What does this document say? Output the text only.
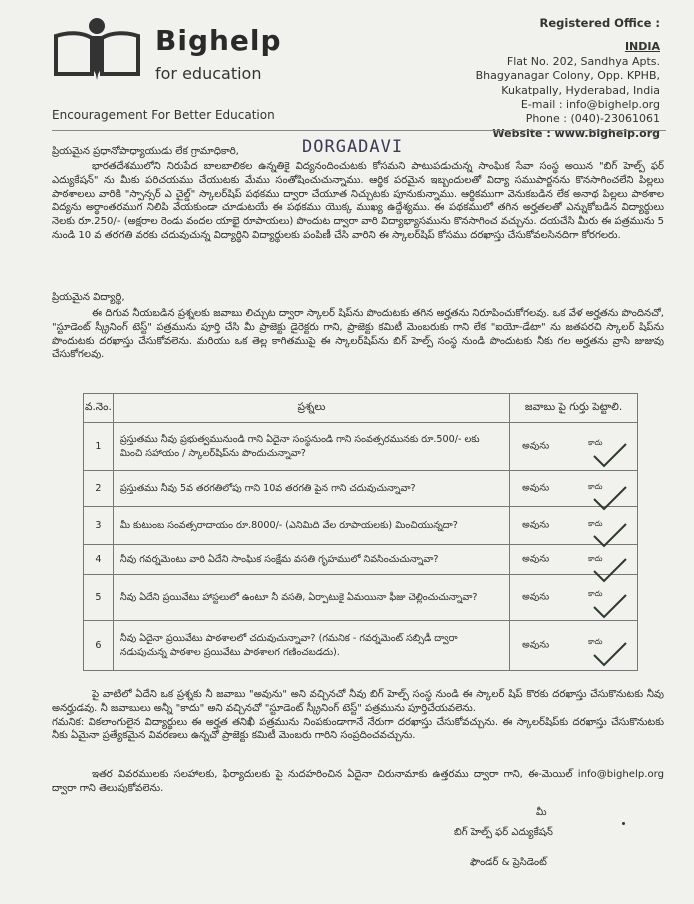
Bighelp
for education
Encouragement For Better Education
Registered Office :
INDIA
Flat No. 202, Sandhya Apts.
Bhagyanagar Colony, Opp. KPHB,
Kukatpally, Hyderabad, India
E-mail : info@bighelp.org
Phone : (040)-23061061
Website : www.bighelp.org
ప్రియమైన ప్రధానోపాధ్యాయుడు లేక గ్రామాధికారి,	DORGADAVI
భారతదేశములోని నిరుపేద బాలబాలికల ఉన్నతికై విద్యనందించుటకు కోసమని పాటుపడుచున్న సాంఘిక సేవా సంస్థ అయిన "బిగ్ హెల్ప్ ఫర్ ఎద్యుకేషన్" ను మీకు పరిచయము చేయుటకు మేము సంతోషించుచున్నాము. ఆర్థిక పరమైన ఇబ్బందులతో విద్యా సముపార్జనను కొనసాగించలేని పిల్లలు పాఠశాలలు వారికి "స్పాన్సర్ ఎ చైల్డ్" స్కాలర్‌షిప్ పథకము ద్వారా చేయూత నిచ్చుటకు పూనుకున్నాము. ఆర్థికముగా వెనుకబడిన లేక అనాథ పిల్లలు పాఠశాల విద్యను అర్థాంతరముగ నిలిపి వేయకుండా చూడుటయే ఈ పథకము యొక్క ముఖ్య ఉద్దేశ్యము. ఈ పథకములో తగిన అర్హతలతో ఎన్నుకోబడిన విద్యార్థులు నెలకు రూ.250/- (అక్షరాల రెండు వందల యాభై రూపాయలు) పొందుట ద్వారా వారి విద్యాభ్యాసమును కొనసాగించ వచ్చును. దయచేసి మీరు ఈ పత్రమును 5 నుండి 10 వ తరగతి వరకు చదువుచున్న విద్యార్థిని విద్యార్థులకు పంపిణీ చేసి వారిని ఈ స్కాలర్‌షిప్ కోసము దరఖాస్తు చేసుకోవలసినదిగా కోరగలరు.
ప్రియమైన విద్యార్థి,
ఈ దిగువ నీయబడిన ప్రశ్నలకు జవాబు లిచ్చుట ద్వారా స్కాలర్ షిప్‌ను పొందుటకు తగిన అర్హతను నిరూపించుకోగలవు. ఒక వేళ అర్హతను పొందినచో, "స్టూడెంట్ స్క్రీనింగ్ టెస్ట్" పత్రమును పూర్తి చేసి మీ ప్రాజెక్టు డైరెక్టరు గాని, ప్రాజెక్టు కమిటీ మెంబరుకు గాని లేక "ఐయో-డేటా" ను జతపరచి స్కాలర్ షిప్‌ను పొందుటకు దరఖాస్తు చేసుకోవలెను. మరియు ఒక తెల్ల కాగితముపై ఈ స్కాలర్‌షిప్‌ను బిగ్ హెల్ప్ సంస్థ నుండి పొందుటకు నీకు గల అర్హతను వ్రాసి జుజువు చేసుకోగలవు.
వ.నెం.	ప్రశ్నలు	జవాబు పై గుర్తు పెట్టాలి.
1	ప్రస్తుతము నీవు ప్రభుత్వమునుండి గాని ఏదైనా సంస్థనుండి గాని సంవత్సరమునకు రూ.500/- లకు మించి సహాయం / స్కాలర్‌షిప్‌ను పొందుచున్నావా?	అవును కాదు

2	ప్రస్తుతము నీవు 5వ తరగతిలోపు గాని 10వ తరగతి పైన గాని చదువుచున్నావా?	అవును కాదు

3	మీ కుటుంబ సంవత్సరాదాయం రూ.8000/- (ఎనిమిది వేల రూపాయలకు) మించియున్నదా?	అవును కాదు

4	నీవు గవర్నమెంటు వారి ఏదేని సాంఘిక సంక్షేమ వసతి గృహములో నివసించుచున్నావా?	అవును కాదు

5	నీవు ఏదేని ప్రయివేటు హాస్టలులో ఉంటూ నీ వసతి, ఏర్పాటుకై ఏమయినా ఫీజు చెల్లించుచున్నావా?	అవును కాదు

6	నీవు ఏదైనా ప్రయివేటు పాఠశాలలో చదువుచున్నావా? (గమనిక - గవర్నమెంట్ సబ్సిడీ ద్వారా నడుపుచున్న పాఠశాల ప్రయివేటు పాఠశాలగ గణించబడదు).	అవును కాదు
పై వాటిలో ఏదేని ఒక ప్రశ్నకు నీ జవాబు "అవును" అని వచ్చినచో నీవు బిగ్ హెల్ప్ సంస్థ నుండి ఈ స్కాలర్ షిప్ కొరకు దరఖాస్తు చేసుకొనుటకు నీవు అనర్హుడవు. నీ జవాబులు అన్నీ "కాదు" అని వచ్చినచో "స్టూడెంట్ స్క్రీనింగ్ టెస్ట్" పత్రమును పూర్తిచేయవలెను.
గమనిక: వికలాంగులైన విద్యార్థులు ఈ అర్హత తనిఖీ పత్రమును నింపకుండాగానే నేరుగా దరఖాస్తు చేసుకోవచ్చును. ఈ స్కాలర్‌షిప్‌కు దరఖాస్తు చేసుకొనుటకు నీకు ఏమైనా ప్రత్యేకమైన వివరణలు ఉన్నచో ప్రాజెక్టు కమిటీ మెంబరు గారిని సంప్రదించవచ్చును.
ఇతర వివరములకు సలహాలకు, ఫిర్యాదులకు పై నుదహరించిన ఏదైనా చిరునామాకు ఉత్తరము ద్వారా గాని, ఈ-మెయిల్ info@bighelp.org ద్వారా గాని తెలుపుకోవలెను.
మీ
బిగ్ హెల్ప్ ఫర్ ఎద్యుకేషన్
ఫౌండర్ & ప్రెసిడెంట్
